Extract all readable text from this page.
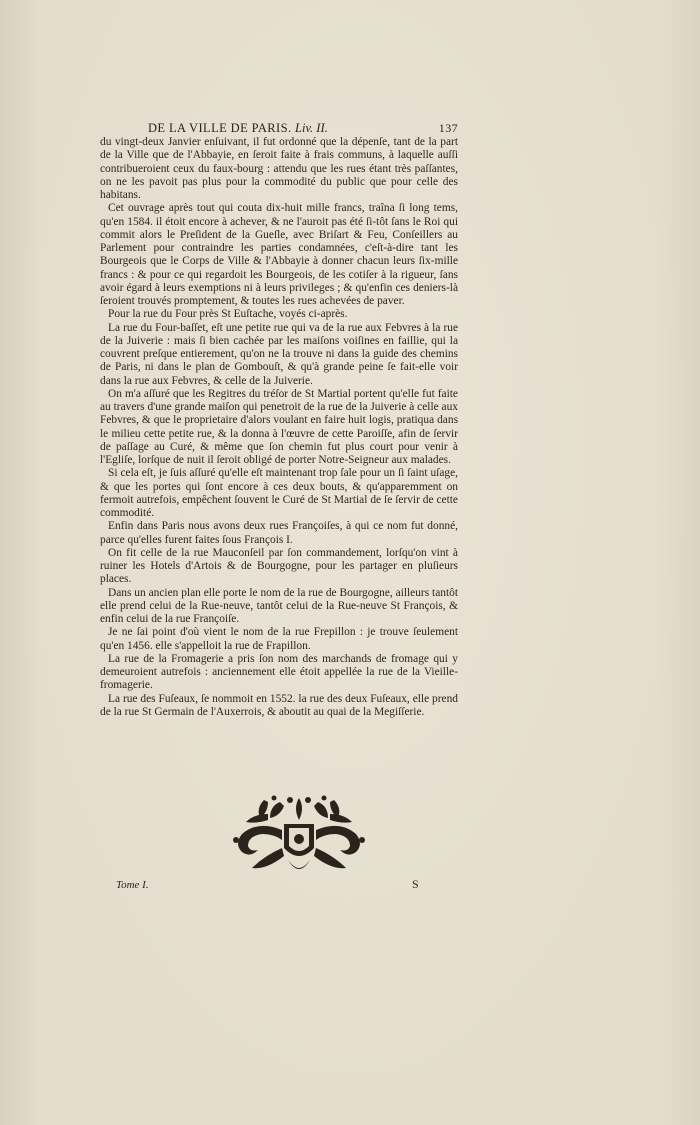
DE LA VILLE DE PARIS. Liv. II.	137

du vingt-deux Janvier enſuivant, il fut ordonné que la dépenſe, tant de la part de la Ville que de l'Abbayie, en ſeroit faite à frais communs, à laquelle auſſi contribueroient ceux du faux-bourg : attendu que les rues étant très paſſantes, on ne les pavoit pas plus pour la commodité du public que pour celle des habitans.

Cet ouvrage après tout qui couta dix-huit mille francs, traîna ſi long tems, qu'en 1584. il étoit encore à achever, & ne l'auroit pas été ſi-tôt ſans le Roi qui commit alors le Preſident de la Gueſle, avec Briſart & Feu, Conſeillers au Parlement pour contraindre les parties condamnées, c'eſt-à-dire tant les Bourgeois que le Corps de Ville & l'Abbayie à donner chacun leurs ſix-mille francs : & pour ce qui regardoit les Bourgeois, de les cotiſer à la rigueur, ſans avoir égard à leurs exemptions ni à leurs privileges ; & qu'enfin ces deniers-là ſeroient trouvés promptement, & toutes les rues achevées de paver.

Pour la rue du Four près St Euſtache, voyés ci-après.

La rue du Four-baſſet, eſt une petite rue qui va de la rue aux Febvres à la rue de la Juiverie : mais ſi bien cachée par les maiſons voiſines en faillie, qui la couvrent preſque entierement, qu'on ne la trouve ni dans la guide des chemins de Paris, ni dans le plan de Gombouſt, & qu'à grande peine ſe fait-elle voir dans la rue aux Febvres, & celle de la Juiverie.

On m'a aſſuré que les Regitres du tréſor de St Martial portent qu'elle fut faite au travers d'une grande maiſon qui penetroit de la rue de la Juiverie à celle aux Febvres, & que le proprietaire d'alors voulant en faire huit logis, pratiqua dans le milieu cette petite rue, & la donna à l'œuvre de cette Paroiſſe, afin de ſervir de paſſage au Curé, & même que ſon chemin fut plus court pour venir à l'Egliſe, lorſque de nuit il ſeroit obligé de porter Notre-Seigneur aux malades.

Si cela eſt, je ſuis aſſuré qu'elle eſt maintenant trop ſale pour un ſi ſaint uſage, & que les portes qui ſont encore à ces deux bouts, & qu'apparemment on fermoit autrefois, empêchent ſouvent le Curé de St Martial de ſe ſervir de cette commodité.

Enfin dans Paris nous avons deux rues Françoiſes, à qui ce nom fut donné, parce qu'elles furent faites ſous François I.

On fit celle de la rue Mauconſeil par ſon commandement, lorſqu'on vint à ruiner les Hotels d'Artois & de Bourgogne, pour les partager en pluſieurs places.

Dans un ancien plan elle porte le nom de la rue de Bourgogne, ailleurs tantôt elle prend celui de la Rue-neuve, tantôt celui de la Rue-neuve St François, & enfin celui de la rue Françoiſe.

Je ne ſai point d'où vient le nom de la rue Frepillon : je trouve ſeulement qu'en 1456. elle s'appelloit la rue de Frapillon.

La rue de la Fromagerie a pris ſon nom des marchands de fromage qui y demeuroient autrefois : anciennement elle étoit appellée la rue de la Vieille-fromagerie.

La rue des Fuſeaux, ſe nommoit en 1552. la rue des deux Fuſeaux, elle prend de la rue St Germain de l'Auxerrois, & aboutit au quai de la Megiſſerie.

Tome I.	S
